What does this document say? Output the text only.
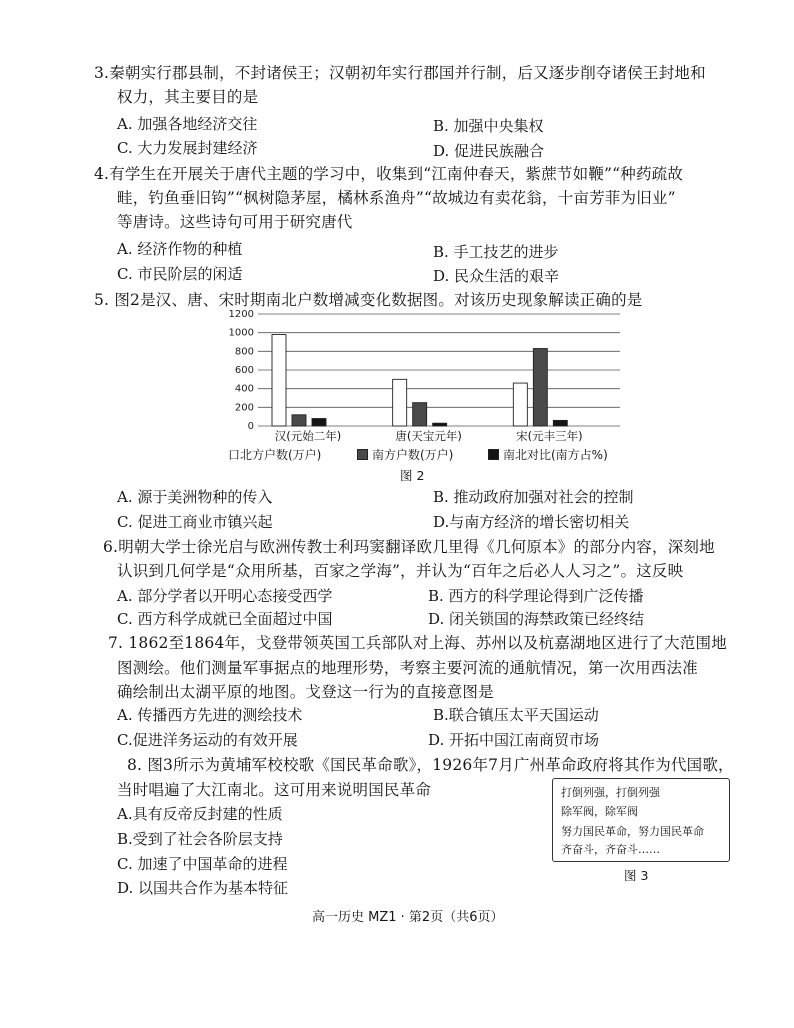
3.秦朝实行郡县制，不封诸侯王；汉朝初年实行郡国并行制，后又逐步削夺诸侯王封地和
权力，其主要目的是
A. 加强各地经济交往	B. 加强中央集权
C. 大力发展封建经济	D. 促进民族融合
4.有学生在开展关于唐代主题的学习中，收集到“江南仲春天，紫蔗节如鞭”“种药疏故
畦，钓鱼垂旧钩”“枫树隐茅屋，橘林系渔舟”“故城边有卖花翁，十亩芳菲为旧业”
等唐诗。这些诗句可用于研究唐代
A. 经济作物的种植	B. 手工技艺的进步
C. 市民阶层的闲适	D. 民众生活的艰辛
5. 图2是汉、唐、宋时期南北户数增减变化数据图。对该历史现象解读正确的是
0
200
400
600
800
1000
1200
汉(元始二年)	唐(天宝元年)	宋(元丰三年)
口北方户数(万户)	南方户数(万户)	南北对比(南方占%)
图 2
A. 源于美洲物种的传入	B. 推动政府加强对社会的控制
C. 促进工商业市镇兴起	D.与南方经济的增长密切相关
6.明朝大学士徐光启与欧洲传教士利玛窦翻译欧几里得《几何原本》的部分内容，深刻地
认识到几何学是“众用所基，百家之学海”，并认为“百年之后必人人习之”。这反映
A. 部分学者以开明心态接受西学	B. 西方的科学理论得到广泛传播
C. 西方科学成就已全面超过中国	D. 闭关锁国的海禁政策已经终结
7. 1862至1864年，戈登带领英国工兵部队对上海、苏州以及杭嘉湖地区进行了大范围地
图测绘。他们测量军事据点的地理形势，考察主要河流的通航情况，第一次用西法准
确绘制出太湖平原的地图。戈登这一行为的直接意图是
A. 传播西方先进的测绘技术	B.联合镇压太平天国运动
C.促进洋务运动的有效开展	D. 开拓中国江南商贸市场
8. 图3所示为黄埔军校校歌《国民革命歌》，1926年7月广州革命政府将其作为代国歌，
当时唱遍了大江南北。这可用来说明国民革命
A.具有反帝反封建的性质
B.受到了社会各阶层支持
C. 加速了中国革命的进程
D. 以国共合作为基本特征
打倒列强，打倒列强
除军阀，除军阀
努力国民革命，努力国民革命
齐奋斗，齐奋斗……
图 3
高一历史 MZ1 · 第2页（共6页）
